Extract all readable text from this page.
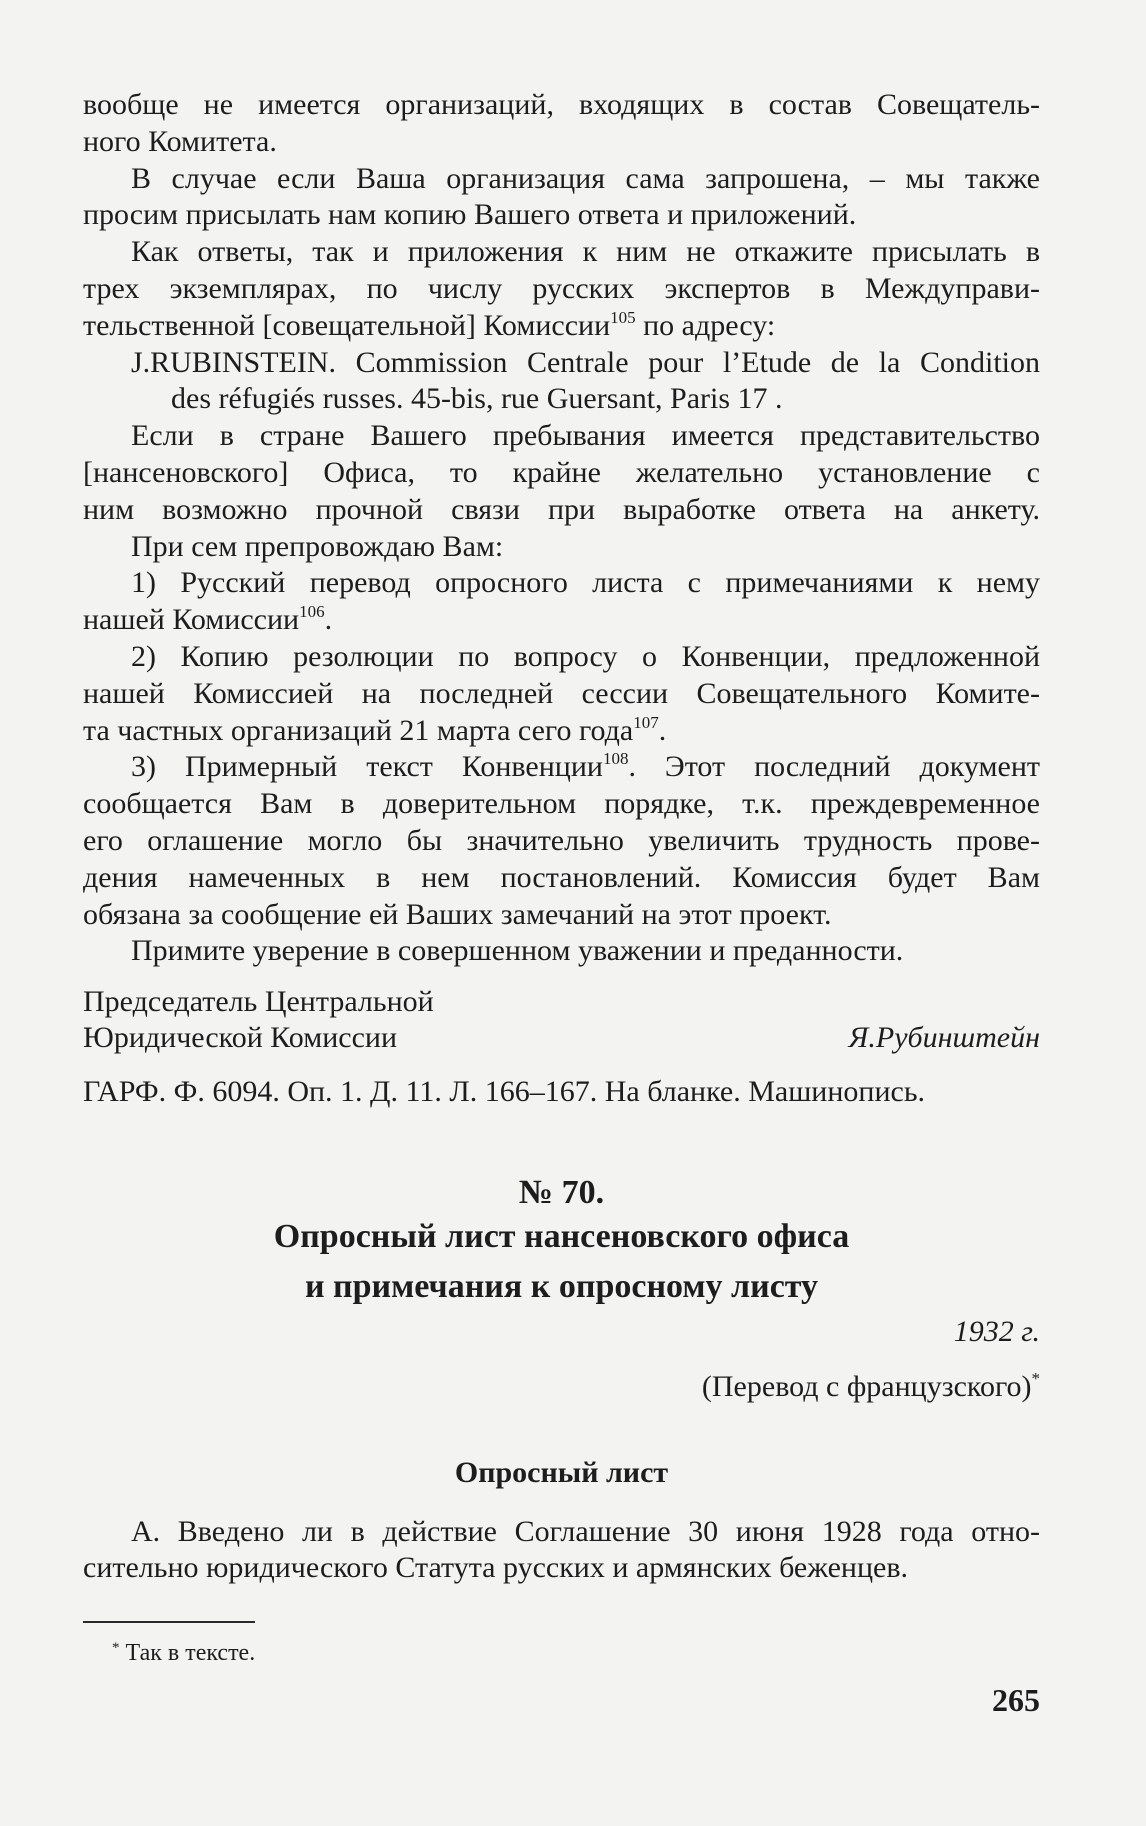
вообще не имеется организаций, входящих в состав Совещатель-
ного Комитета.
В случае если Ваша организация сама запрошена, – мы также
просим присылать нам копию Вашего ответа и приложений.
Как ответы, так и приложения к ним не откажите присылать в
трех экземплярах, по числу русских экспертов в Междуправи-
тельственной [совещательной] Комиссии$^{105}$ по адресу:
J.RUBINSTEIN. Commission Centrale pour l’Etude de la Condition
des réfugiés russes. 45-bis, rue Guersant, Paris 17 .
Если в стране Вашего пребывания имеется представительство
[нансеновского] Офиса, то крайне желательно установление с
ним возможно прочной связи при выработке ответа на анкету.
При сем препровождаю Вам:
1) Русский перевод опросного листа с примечаниями к нему
нашей Комиссии$^{106}$.
2) Копию резолюции по вопросу о Конвенции, предложенной
нашей Комиссией на последней сессии Совещательного Комите-
та частных организаций 21 марта сего года$^{107}$.
3) Примерный текст Конвенции$^{108}$. Этот последний документ
сообщается Вам в доверительном порядке, т.к. преждевременное
его оглашение могло бы значительно увеличить трудность прове-
дения намеченных в нем постановлений. Комиссия будет Вам
обязана за сообщение ей Ваших замечаний на этот проект.
Примите уверение в совершенном уважении и преданности.
Председатель Центральной
Юридической Комиссии	Я.Рубинштейн
ГАРФ. Ф. 6094. Оп. 1. Д. 11. Л. 166–167. На бланке. Машинопись.
№ 70.
Опросный лист нансеновского офиса
и примечания к опросному листу
1932 г.
(Перевод с французского)*
Опросный лист
А. Введено ли в действие Соглашение 30 июня 1928 года отно-
сительно юридического Статута русских и армянских беженцев.
* Так в тексте.
265
